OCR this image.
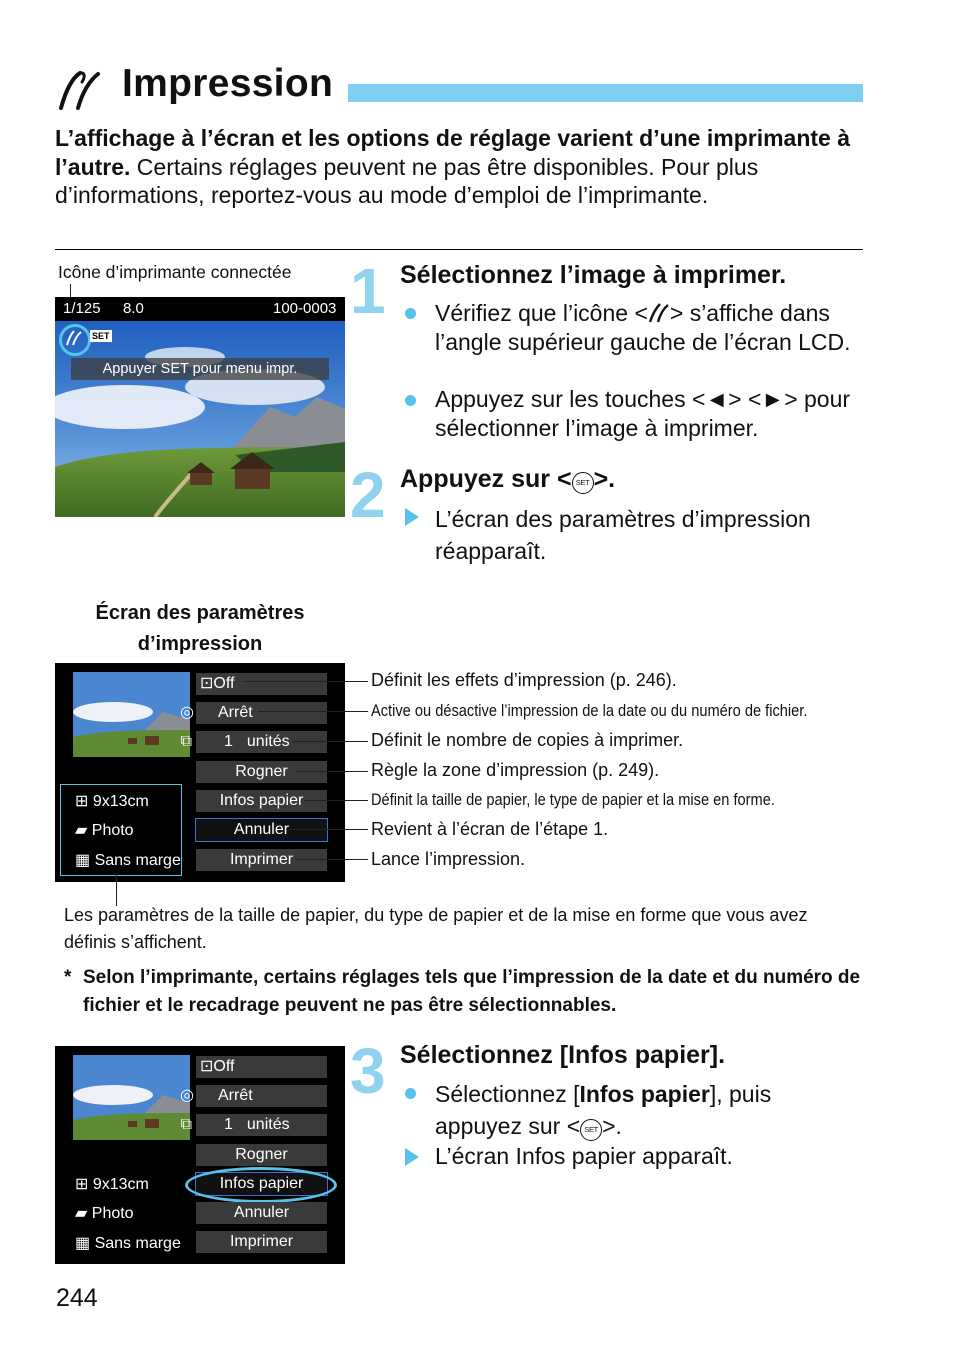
Impression
L’affichage à l’écran et les options de réglage varient d’une imprimante à l’autre. Certains réglages peuvent ne pas être disponibles. Pour plus d’informations, reportez-vous au mode d’emploi de l’imprimante.
Icône d’imprimante connectée
1/125 8.0	100-0003
SET
Appuyer SET pour menu impr.
1 Sélectionnez l’image à imprimer.
Vérifiez que l’icône < > s’affiche dans l’angle supérieur gauche de l’écran LCD.
Appuyez sur les touches <◄> <►> pour sélectionner l’image à imprimer.
2 Appuyez sur < SET >.
L’écran des paramètres d’impression réapparaît.
Écran des paramètres d’impression
⊡Off
◎ Arrêt
⧉ 1 unités
Rogner
Infos papier
Annuler
Imprimer
⊞ 9x13cm
▰ Photo
▦ Sans marge
Définit les effets d’impression (p. 246).
Active ou désactive l’impression de la date ou du numéro de fichier.
Définit le nombre de copies à imprimer.
Règle la zone d’impression (p. 249).
Définit la taille de papier, le type de papier et la mise en forme.
Revient à l’écran de l’étape 1.
Lance l’impression.
Les paramètres de la taille de papier, du type de papier et de la mise en forme que vous avez définis s’affichent.
* Selon l’imprimante, certains réglages tels que l’impression de la date et du numéro de fichier et le recadrage peuvent ne pas être sélectionnables.
⊡Off
◎ Arrêt
⧉ 1 unités
Rogner
Infos papier
Annuler
Imprimer
⊞ 9x13cm
▰ Photo
▦ Sans marge
3 Sélectionnez [Infos papier].
Sélectionnez [Infos papier], puis appuyez sur < SET >.
L’écran Infos papier apparaît.
244
